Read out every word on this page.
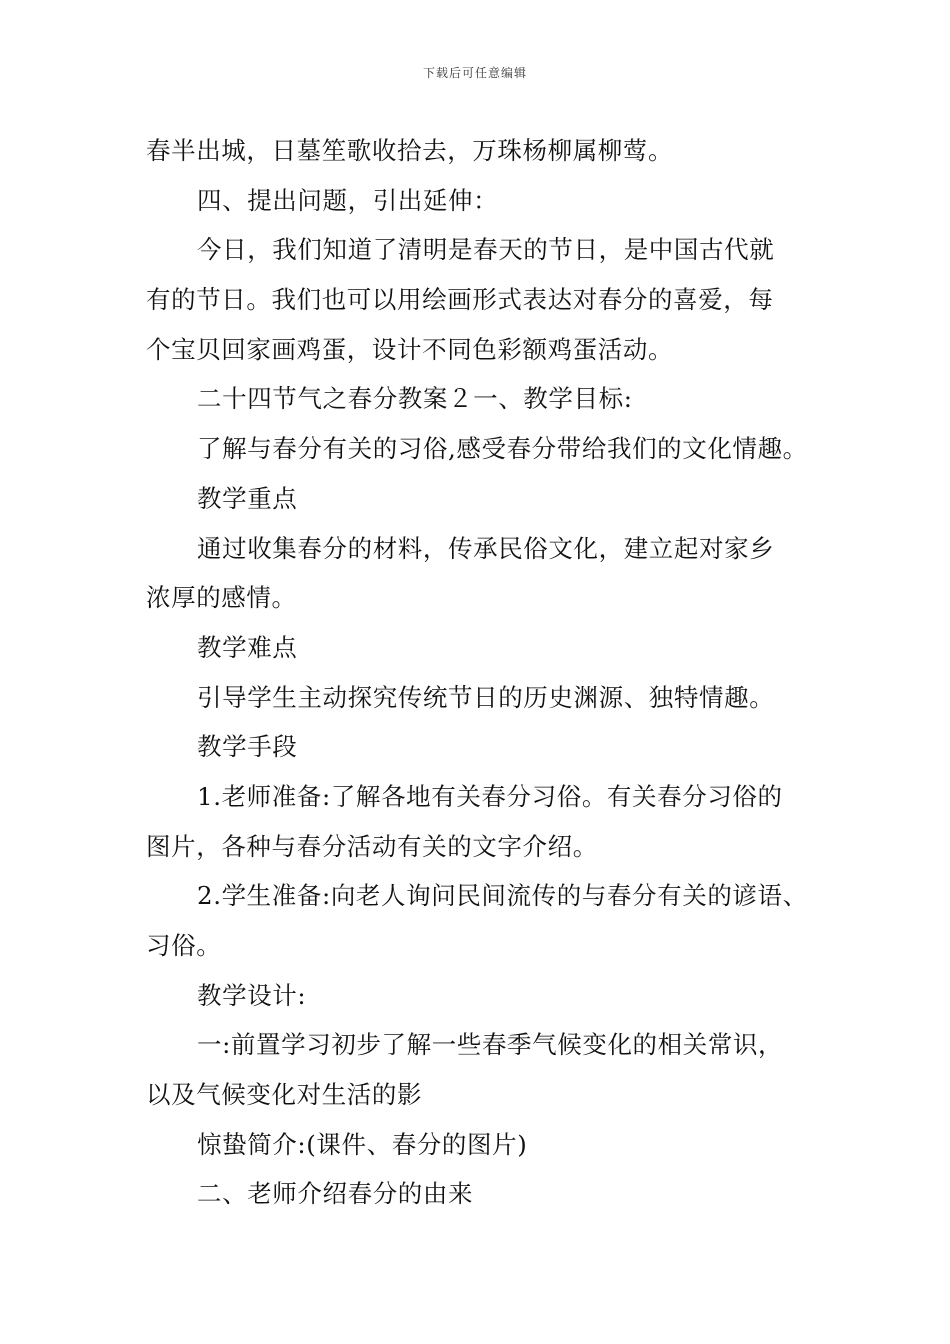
下载后可任意编辑
春半出城，日墓笙歌收拾去，万珠杨柳属柳莺。
四、提出问题，引出延伸：
今日，我们知道了清明是春天的节日，是中国古代就
有的节日。我们也可以用绘画形式表达对春分的喜爱，每
个宝贝回家画鸡蛋，设计不同色彩额鸡蛋活动。
二十四节气之春分教案２一、教学目标:
了解与春分有关的习俗,感受春分带给我们的文化情趣。
教学重点
通过收集春分的材料，传承民俗文化，建立起对家乡
浓厚的感情。
教学难点
引导学生主动探究传统节日的历史渊源、独特情趣。
教学手段
1.老师准备:了解各地有关春分习俗。有关春分习俗的
图片，各种与春分活动有关的文字介绍。
2.学生准备:向老人询问民间流传的与春分有关的谚语、
习俗。
教学设计:
一:前置学习初步了解一些春季气候变化的相关常识，
以及气候变化对生活的影
惊蛰简介:(课件、春分的图片)
二、老师介绍春分的由来
